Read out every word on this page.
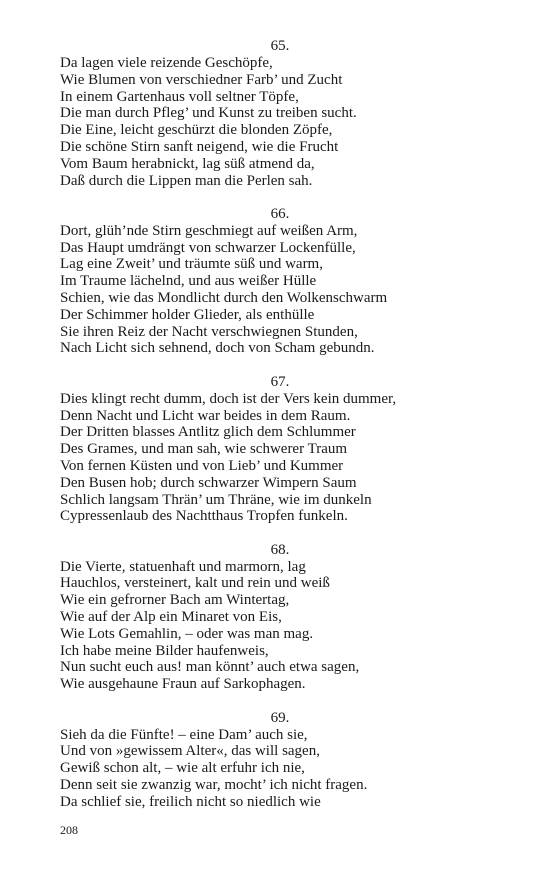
65.
Da lagen viele reizende Geschöpfe,
Wie Blumen von verschiedner Farb’ und Zucht
In einem Gartenhaus voll seltner Töpfe,
Die man durch Pfleg’ und Kunst zu treiben sucht.
Die Eine, leicht geschürzt die blonden Zöpfe,
Die schöne Stirn sanft neigend, wie die Frucht
Vom Baum herabnickt, lag süß atmend da,
Daß durch die Lippen man die Perlen sah.
66.
Dort, glüh’nde Stirn geschmiegt auf weißen Arm,
Das Haupt umdrängt von schwarzer Lockenfülle,
Lag eine Zweit’ und träumte süß und warm,
Im Traume lächelnd, und aus weißer Hülle
Schien, wie das Mondlicht durch den Wolkenschwarm
Der Schimmer holder Glieder, als enthülle
Sie ihren Reiz der Nacht verschwiegnen Stunden,
Nach Licht sich sehnend, doch von Scham gebundn.
67.
Dies klingt recht dumm, doch ist der Vers kein dummer,
Denn Nacht und Licht war beides in dem Raum.
Der Dritten blasses Antlitz glich dem Schlummer
Des Grames, und man sah, wie schwerer Traum
Von fernen Küsten und von Lieb’ und Kummer
Den Busen hob; durch schwarzer Wimpern Saum
Schlich langsam Thrän’ um Thräne, wie im dunkeln
Cypressenlaub des Nachtthaus Tropfen funkeln.
68.
Die Vierte, statuenhaft und marmorn, lag
Hauchlos, versteinert, kalt und rein und weiß
Wie ein gefrorner Bach am Wintertag,
Wie auf der Alp ein Minaret von Eis,
Wie Lots Gemahlin, – oder was man mag.
Ich habe meine Bilder haufenweis,
Nun sucht euch aus! man könnt’ auch etwa sagen,
Wie ausgehaune Fraun auf Sarkophagen.
69.
Sieh da die Fünfte! – eine Dam’ auch sie,
Und von »gewissem Alter«, das will sagen,
Gewiß schon alt, – wie alt erfuhr ich nie,
Denn seit sie zwanzig war, mocht’ ich nicht fragen.
Da schlief sie, freilich nicht so niedlich wie
208
